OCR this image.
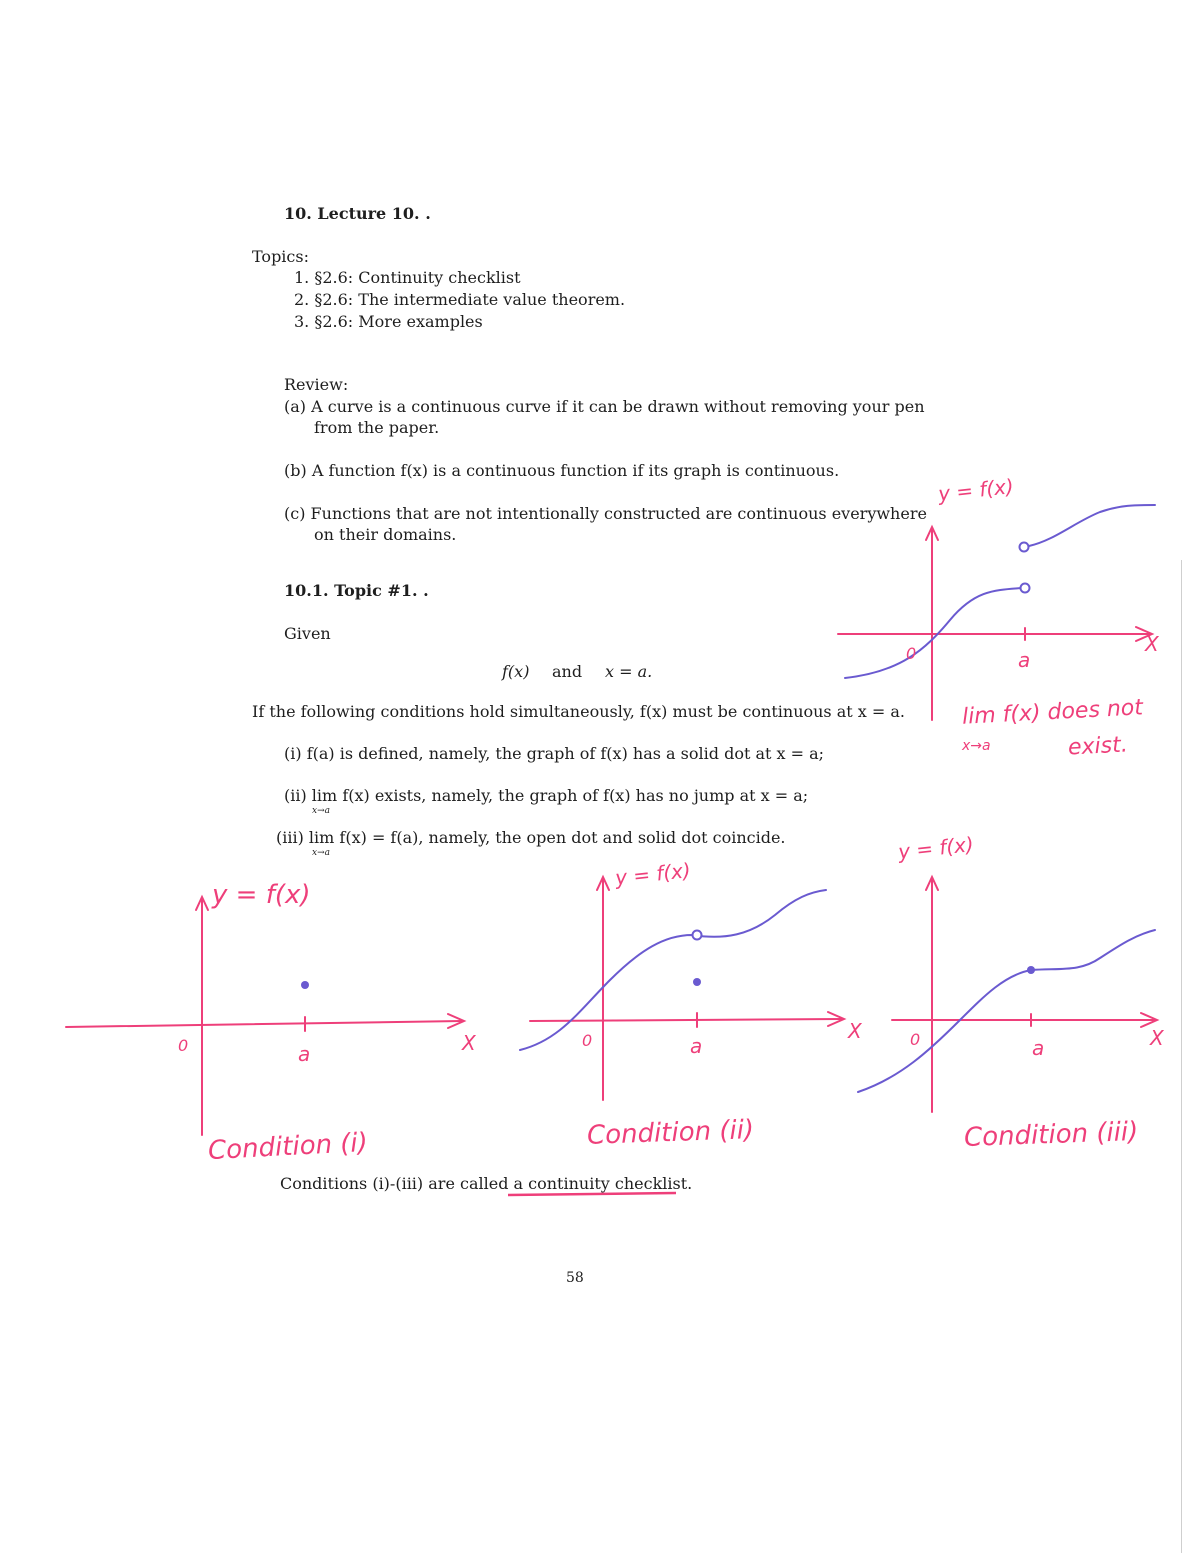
10. Lecture 10. .
Topics:
1. §2.6: Continuity checklist
2. §2.6: The intermediate value theorem.
3. §2.6: More examples
Review:
(a) A curve is a continuous curve if it can be drawn without removing your pen
from the paper.
(b) A function f(x) is a continuous function if its graph is continuous.
(c) Functions that are not intentionally constructed are continuous everywhere
on their domains.
10.1. Topic #1. .
Given
f(x) and x = a.
If the following conditions hold simultaneously, f(x) must be continuous at x = a.
(i) f(a) is defined, namely, the graph of f(x) has a solid dot at x = a;
(ii) lim f(x) exists, namely, the graph of f(x) has no jump at x = a;
x→a
(iii) lim f(x) = f(a), namely, the open dot and solid dot coincide.
x→a
Conditions (i)-(iii) are called a continuity checklist.
58
y = f(x)
0	a
X
lim f(x) does not
x→a	exist.
y = f(x)
0	a	X
Condition (i)
y = f(x)
0	a
X
Condition (ii)
y = f(x)
0	a	X
Condition (iii)
